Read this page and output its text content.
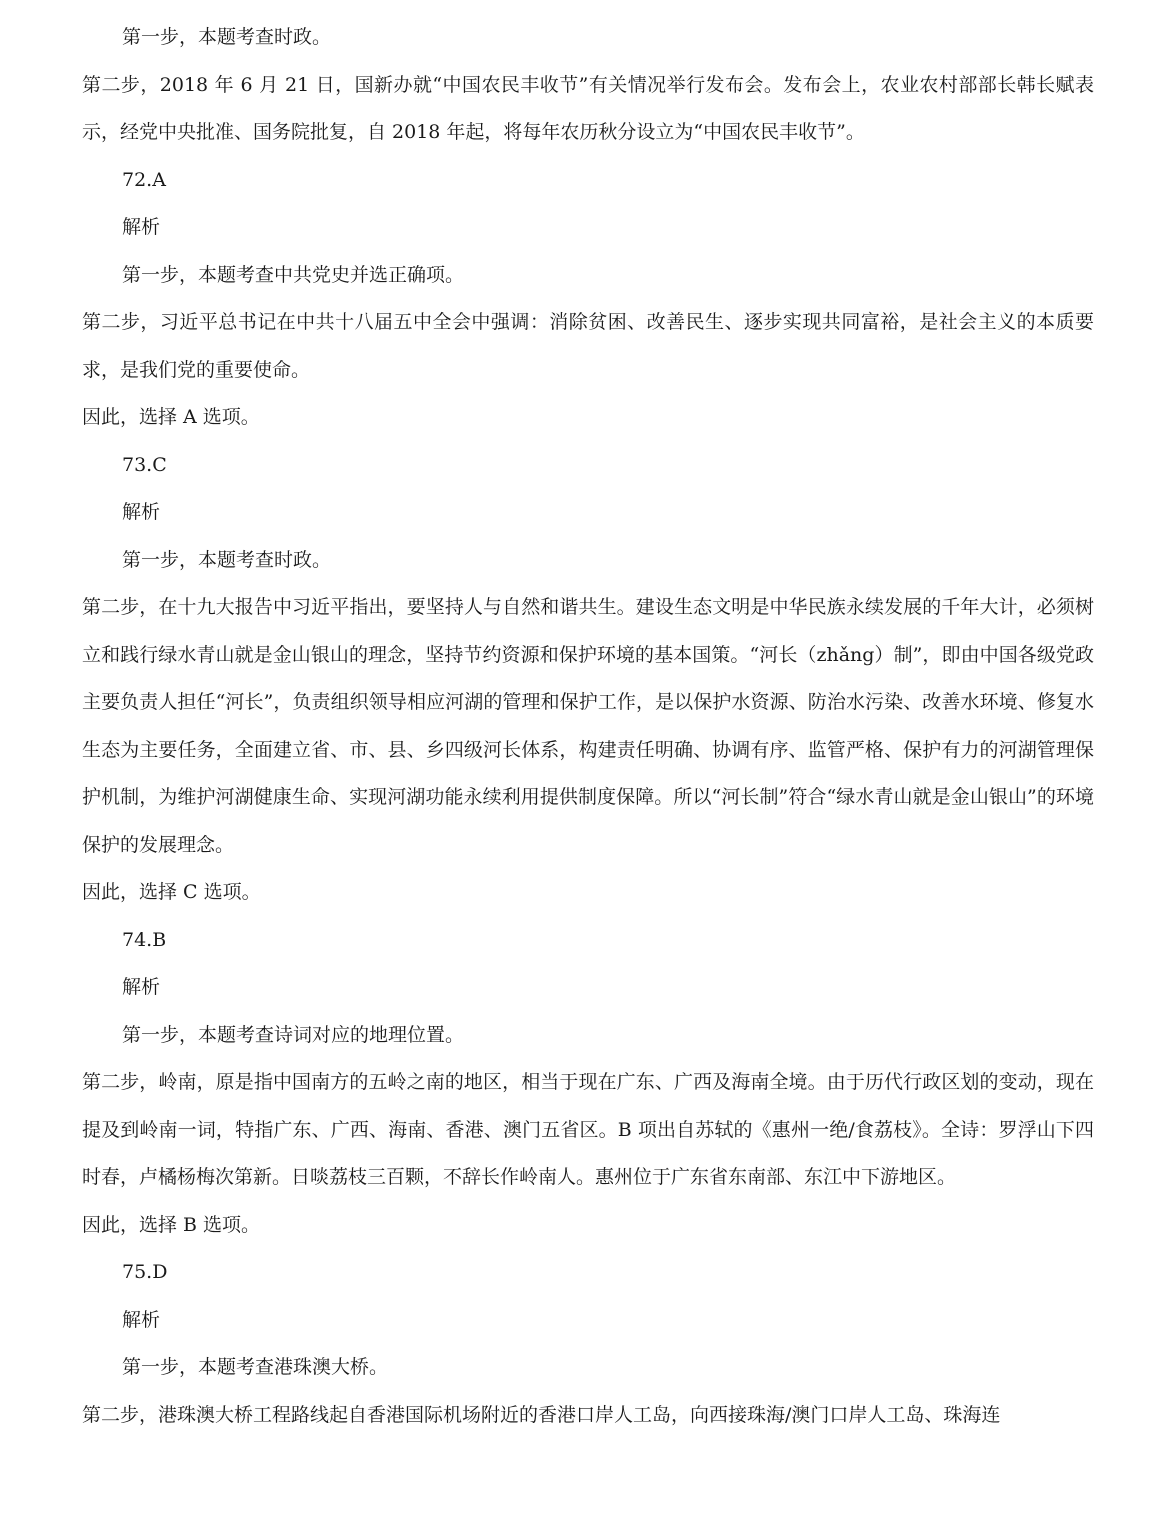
第一步，本题考查时政。

第二步，2018 年 6 月 21 日，国新办就“中国农民丰收节”有关情况举行发布会。发布会上，农业农村部部长韩长赋表示，经党中央批准、国务院批复，自 2018 年起，将每年农历秋分设立为“中国农民丰收节”。

72.A

解析

第一步，本题考查中共党史并选正确项。

第二步，习近平总书记在中共十八届五中全会中强调：消除贫困、改善民生、逐步实现共同富裕，是社会主义的本质要求，是我们党的重要使命。

因此，选择 A 选项。

73.C

解析

第一步，本题考查时政。

第二步，在十九大报告中习近平指出，要坚持人与自然和谐共生。建设生态文明是中华民族永续发展的千年大计，必须树立和践行绿水青山就是金山银山的理念，坚持节约资源和保护环境的基本国策。“河长（zhǎng）制”，即由中国各级党政主要负责人担任“河长”，负责组织领导相应河湖的管理和保护工作，是以保护水资源、防治水污染、改善水环境、修复水生态为主要任务，全面建立省、市、县、乡四级河长体系，构建责任明确、协调有序、监管严格、保护有力的河湖管理保护机制，为维护河湖健康生命、实现河湖功能永续利用提供制度保障。所以“河长制”符合“绿水青山就是金山银山”的环境保护的发展理念。

因此，选择 C 选项。

74.B

解析

第一步，本题考查诗词对应的地理位置。

第二步，岭南，原是指中国南方的五岭之南的地区，相当于现在广东、广西及海南全境。由于历代行政区划的变动，现在提及到岭南一词，特指广东、广西、海南、香港、澳门五省区。B 项出自苏轼的《惠州一绝/食荔枝》。全诗：罗浮山下四时春，卢橘杨梅次第新。日啖荔枝三百颗，不辞长作岭南人。惠州位于广东省东南部、东江中下游地区。

因此，选择 B 选项。

75.D

解析

第一步，本题考查港珠澳大桥。

第二步，港珠澳大桥工程路线起自香港国际机场附近的香港口岸人工岛，向西接珠海/澳门口岸人工岛、珠海连
